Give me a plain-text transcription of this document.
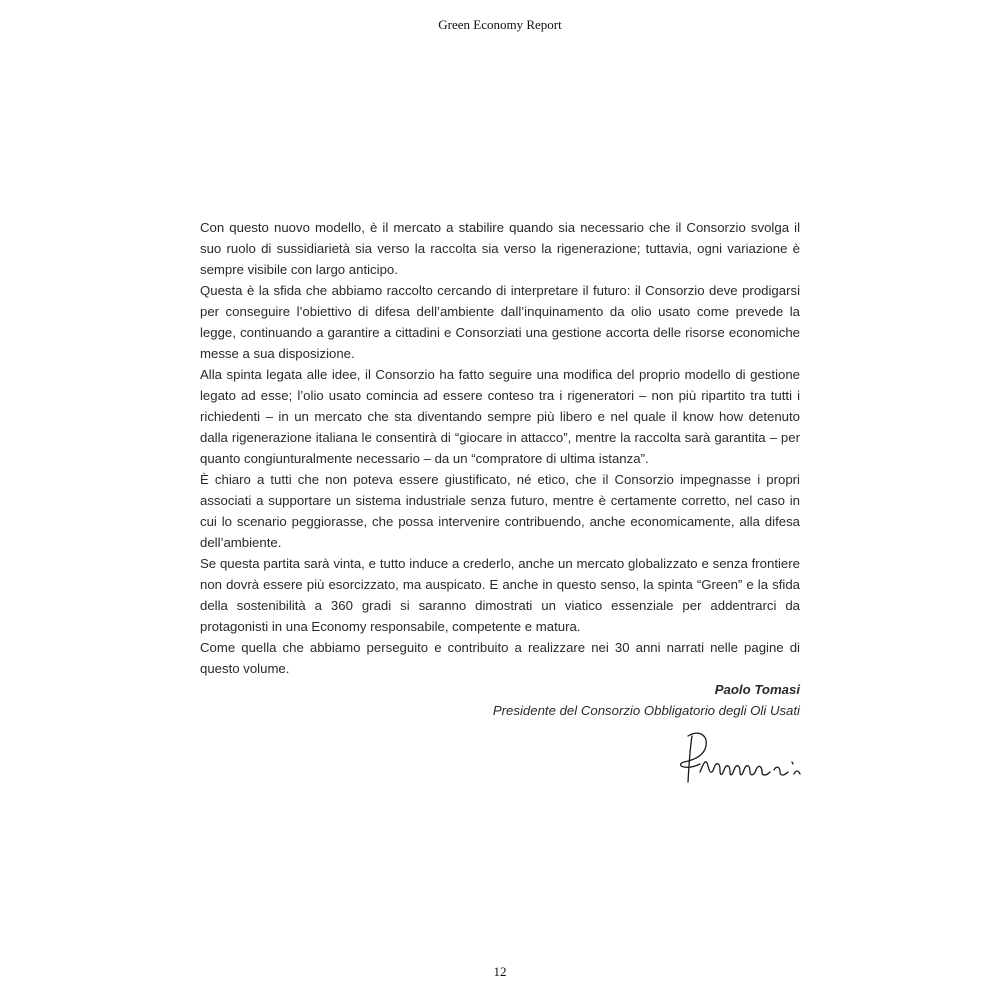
Green Economy Report

Con questo nuovo modello, è il mercato a stabilire quando sia necessario che il Consorzio svolga il suo ruolo di sussidiarietà sia verso la raccolta sia verso la rigenerazione; tuttavia, ogni variazione è sempre visibile con largo anticipo.

Questa è la sfida che abbiamo raccolto cercando di interpretare il futuro: il Consorzio deve prodigarsi per conseguire l’obiettivo di difesa dell’ambiente dall’inquinamento da olio usato come prevede la legge, continuando a garantire a cittadini e Consorziati una gestione accorta delle risorse economiche messe a sua disposizione.

Alla spinta legata alle idee, il Consorzio ha fatto seguire una modifica del proprio modello di gestione legato ad esse; l’olio usato comincia ad essere conteso tra i rigeneratori – non più ripartito tra tutti i richiedenti – in un mercato che sta diventando sempre più libero e nel quale il know how detenuto dalla rigenerazione italiana le consentirà di “giocare in attacco”, mentre la raccolta sarà garantita – per quanto congiunturalmente necessario – da un “compratore di ultima istanza”.

È chiaro a tutti che non poteva essere giustificato, né etico, che il Consorzio impegnasse i propri associati a supportare un sistema industriale senza futuro, mentre è certamente corretto, nel caso in cui lo scenario peggiorasse, che possa intervenire contribuendo, anche economicamente, alla difesa dell’ambiente.

Se questa partita sarà vinta, e tutto induce a crederlo, anche un mercato globalizzato e senza frontiere non dovrà essere più esorcizzato, ma auspicato. E anche in questo senso, la spinta “Green” e la sfida della sostenibilità a 360 gradi si saranno dimostrati un viatico essenziale per addentrarci da protagonisti in una Economy responsabile, competente e matura.

Come quella che abbiamo perseguito e contribuito a realizzare nei 30 anni narrati nelle pagine di questo volume.

Paolo Tomasi
Presidente del Consorzio Obbligatorio degli Oli Usati
12
